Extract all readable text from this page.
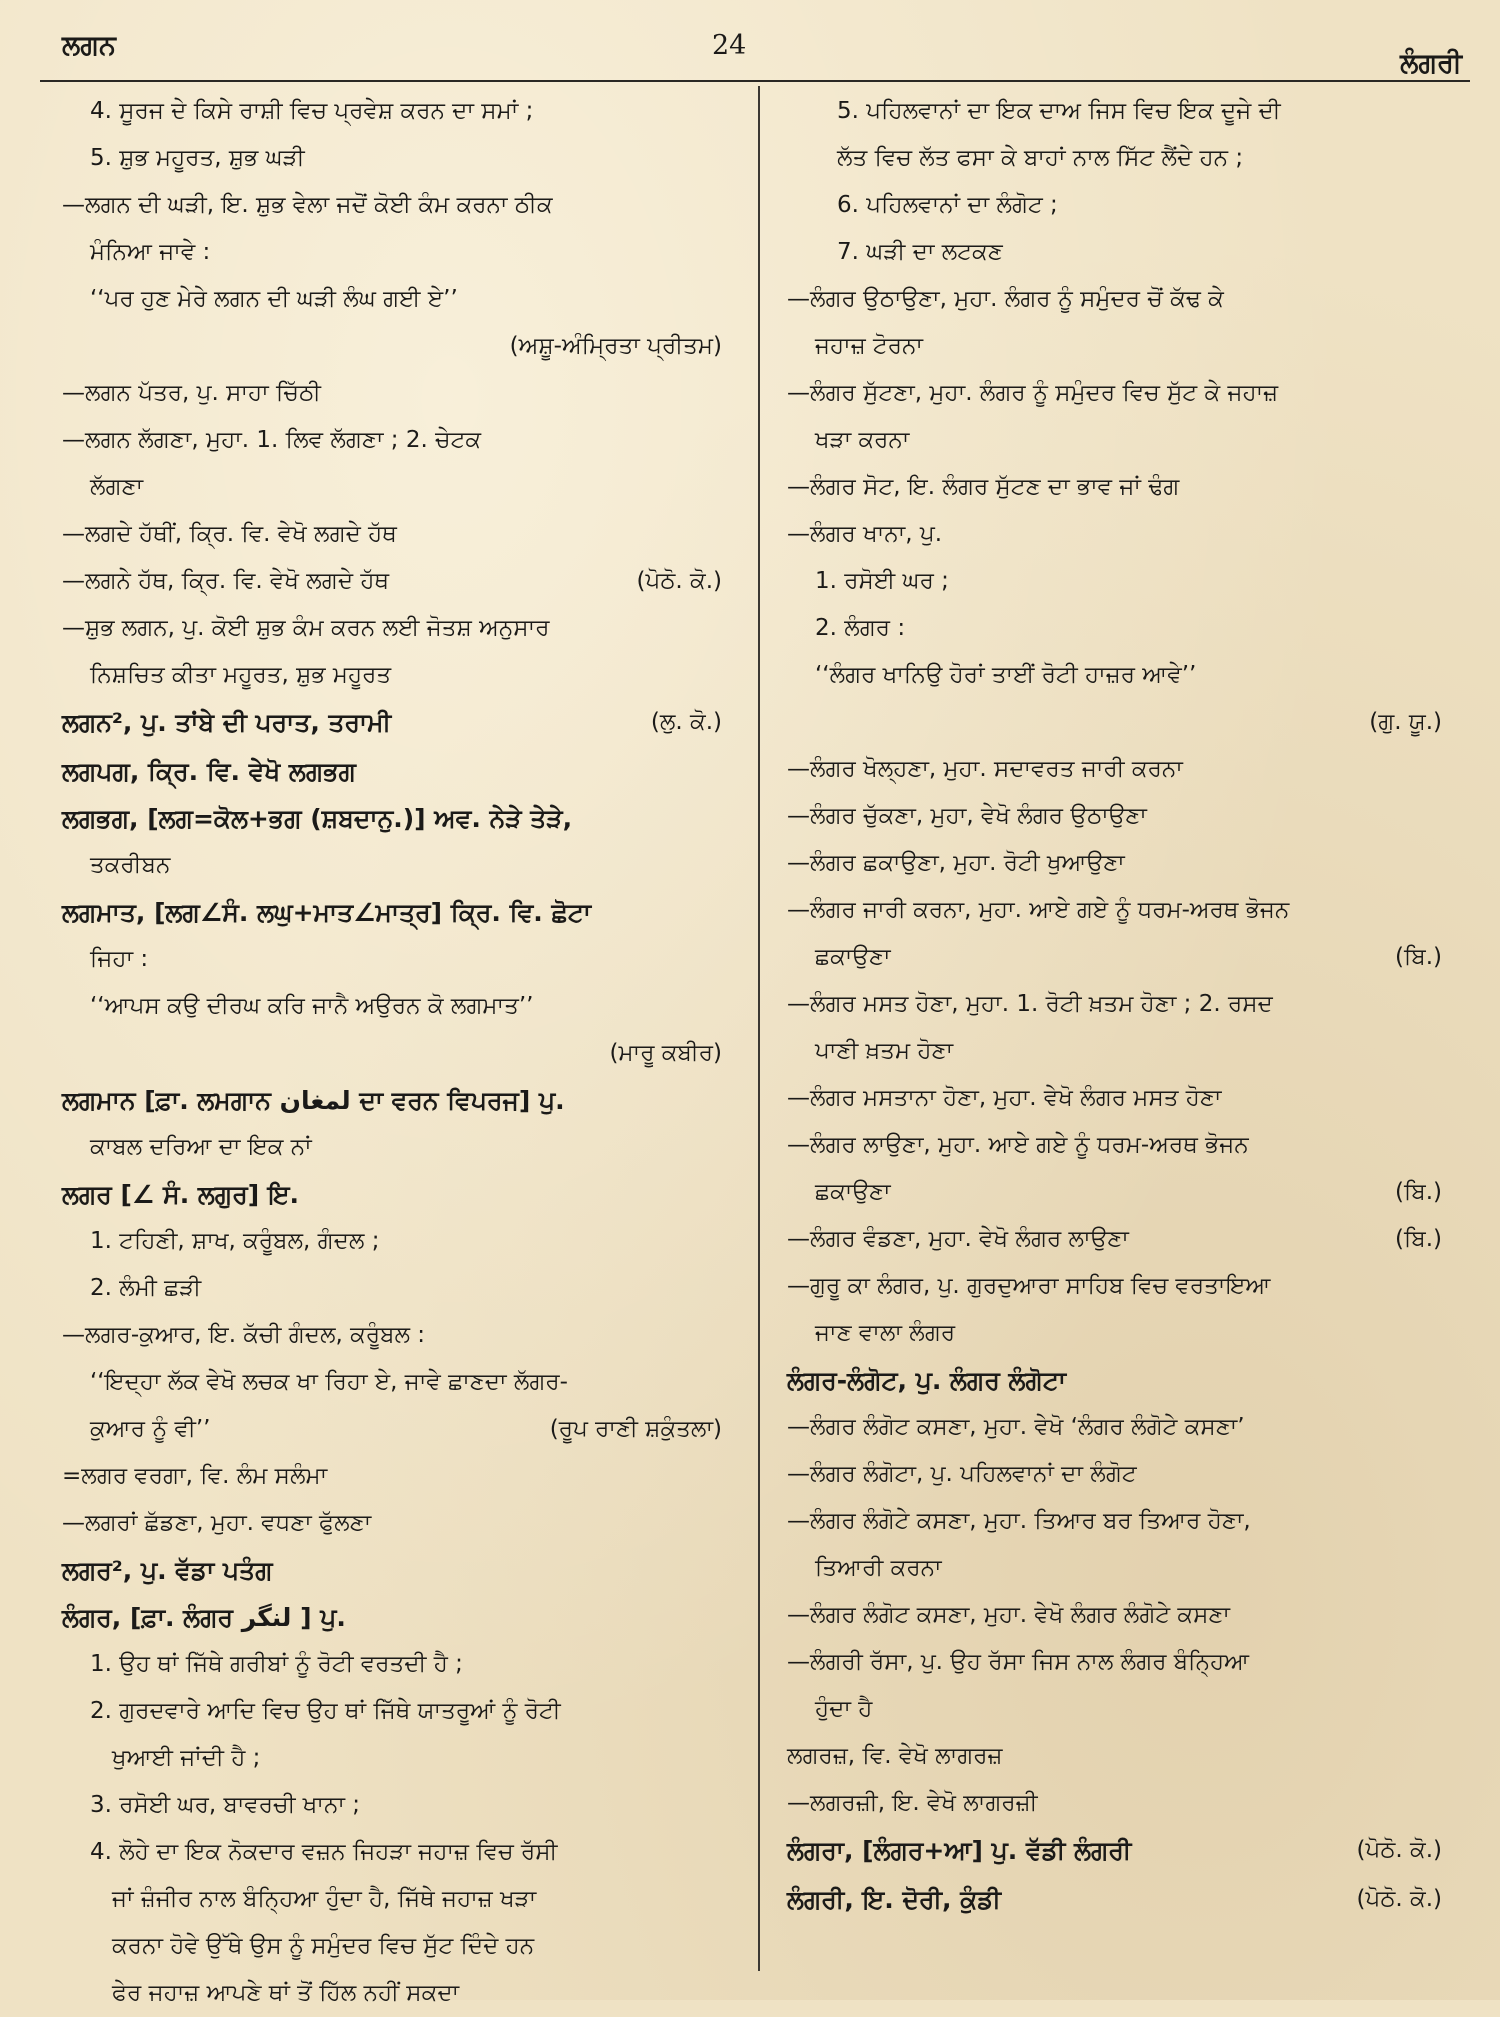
ਲਗਨ	24
ਲੰਗਰੀ
4. ਸੂਰਜ ਦੇ ਕਿਸੇ ਰਾਸ਼ੀ ਵਿਚ ਪ੍ਰਵੇਸ਼ ਕਰਨ ਦਾ ਸਮਾਂ ;
5. ਸ਼ੁਭ ਮਹੂਰਤ, ਸ਼ੁਭ ਘੜੀ
—ਲਗਨ ਦੀ ਘੜੀ, ਇ. ਸ਼ੁਭ ਵੇਲਾ ਜਦੋਂ ਕੋਈ ਕੰਮ ਕਰਨਾ ਠੀਕ
ਮੰਨਿਆ ਜਾਵੇ :
‘‘ਪਰ ਹੁਣ ਮੇਰੇ ਲਗਨ ਦੀ ਘੜੀ ਲੰਘ ਗਈ ਏ’’
(ਅਸ਼ੂ-ਅੰਮ੍ਰਿਤਾ ਪ੍ਰੀਤਮ)

—ਲਗਨ ਪੱਤਰ, ਪੁ. ਸਾਹਾ ਚਿੱਠੀ
—ਲਗਨ ਲੱਗਣਾ, ਮੁਹਾ. 1. ਲਿਵ ਲੱਗਣਾ ; 2. ਚੇਟਕ
ਲੱਗਣਾ
—ਲਗਦੇ ਹੱਥੀਂ, ਕ੍ਰਿ. ਵਿ. ਵੇਖੋ ਲਗਦੇ ਹੱਥ
—ਲਗਨੇ ਹੱਥ, ਕ੍ਰਿ. ਵਿ. ਵੇਖੋ ਲਗਦੇ ਹੱਥ	(ਪੋਠੋ. ਕੋ.)
—ਸ਼ੁਭ ਲਗਨ, ਪੁ. ਕੋਈ ਸ਼ੁਭ ਕੰਮ ਕਰਨ ਲਈ ਜੋਤਸ਼ ਅਨੁਸਾਰ
ਨਿਸ਼ਚਿਤ ਕੀਤਾ ਮਹੂਰਤ, ਸ਼ੁਭ ਮਹੂਰਤ
ਲਗਨ², ਪੁ. ਤਾਂਬੇ ਦੀ ਪਰਾਤ, ਤਰਾਮੀ	(ਲੁ. ਕੋ.)
ਲਗਪਗ, ਕ੍ਰਿ. ਵਿ. ਵੇਖੋ ਲਗਭਗ
ਲਗਭਗ, [ਲਗ=ਕੋਲ+ਭਗ (ਸ਼ਬਦਾਨੁ.)] ਅਵ. ਨੇੜੇ ਤੇੜੇ,
ਤਕਰੀਬਨ
ਲਗਮਾਤ, [ਲਗ∠ਸੰ. ਲਘੁ+ਮਾਤ∠ਮਾਤ੍ਰ] ਕ੍ਰਿ. ਵਿ. ਛੋਟਾ
ਜਿਹਾ :
‘‘ਆਪਸ ਕਉ ਦੀਰਘ ਕਰਿ ਜਾਨੈ ਅਉਰਨ ਕੋ ਲਗਮਾਤ’’
(ਮਾਰੂ ਕਬੀਰ)

ਲਗਮਾਨ [ਫ਼ਾ. ਲਮਗਾਨ لمغان ਦਾ ਵਰਨ ਵਿਪਰਜ] ਪੁ.
ਕਾਬਲ ਦਰਿਆ ਦਾ ਇਕ ਨਾਂ
ਲਗਰ [∠ ਸੰ. ਲਗੁਰ] ਇ.
1. ਟਹਿਣੀ, ਸ਼ਾਖ, ਕਰੂੰਬਲ, ਗੰਦਲ ;
2. ਲੰਮੀ ਛੜੀ
—ਲਗਰ-ਕੁਆਰ, ਇ. ਕੱਚੀ ਗੰਦਲ, ਕਰੂੰਬਲ :
‘‘ਇਦ੍ਹਾ ਲੱਕ ਵੇਖੋ ਲਚਕ ਖਾ ਰਿਹਾ ਏ, ਜਾਵੇ ਛਾਣਦਾ ਲੱਗਰ-
ਕੁਆਰ ਨੂੰ ਵੀ’’	(ਰੂਪ ਰਾਣੀ ਸ਼ਕੁੰਤਲਾ)
=ਲਗਰ ਵਰਗਾ, ਵਿ. ਲੰਮ ਸਲੰਮਾ
—ਲਗਰਾਂ ਛੱਡਣਾ, ਮੁਹਾ. ਵਧਣਾ ਫੁੱਲਣਾ
ਲਗਰ², ਪੁ. ਵੱਡਾ ਪਤੰਗ
ਲੰਗਰ, [ਫ਼ਾ. ਲੰਗਰ لنگر ] ਪੁ.
1. ਉਹ ਥਾਂ ਜਿੱਥੇ ਗਰੀਬਾਂ ਨੂੰ ਰੋਟੀ ਵਰਤਦੀ ਹੈ ;
2. ਗੁਰਦਵਾਰੇ ਆਦਿ ਵਿਚ ਉਹ ਥਾਂ ਜਿੱਥੇ ਯਾਤਰੂਆਂ ਨੂੰ ਰੋਟੀ
ਖੁਆਈ ਜਾਂਦੀ ਹੈ ;
3. ਰਸੋਈ ਘਰ, ਬਾਵਰਚੀ ਖਾਨਾ ;
4. ਲੋਹੇ ਦਾ ਇਕ ਨੋਕਦਾਰ ਵਜ਼ਨ ਜਿਹੜਾ ਜਹਾਜ਼ ਵਿਚ ਰੱਸੀ
ਜਾਂ ਜ਼ੰਜੀਰ ਨਾਲ ਬੰਨ੍ਹਿਆ ਹੁੰਦਾ ਹੈ, ਜਿੱਥੇ ਜਹਾਜ਼ ਖੜਾ
ਕਰਨਾ ਹੋਵੇ ਉੱਥੇ ਉਸ ਨੂੰ ਸਮੁੰਦਰ ਵਿਚ ਸੁੱਟ ਦਿੰਦੇ ਹਨ
ਫੇਰ ਜਹਾਜ਼ ਆਪਣੇ ਥਾਂ ਤੋਂ ਹਿੱਲ ਨਹੀਂ ਸਕਦਾ
5. ਪਹਿਲਵਾਨਾਂ ਦਾ ਇਕ ਦਾਅ ਜਿਸ ਵਿਚ ਇਕ ਦੂਜੇ ਦੀ
ਲੱਤ ਵਿਚ ਲੱਤ ਫਸਾ ਕੇ ਬਾਹਾਂ ਨਾਲ ਸਿੱਟ ਲੈਂਦੇ ਹਨ ;
6. ਪਹਿਲਵਾਨਾਂ ਦਾ ਲੰਗੋਟ ;
7. ਘੜੀ ਦਾ ਲਟਕਣ
—ਲੰਗਰ ਉਠਾਉਣਾ, ਮੁਹਾ. ਲੰਗਰ ਨੂੰ ਸਮੁੰਦਰ ਚੋਂ ਕੱਢ ਕੇ
ਜਹਾਜ਼ ਟੋਰਨਾ
—ਲੰਗਰ ਸੁੱਟਣਾ, ਮੁਹਾ. ਲੰਗਰ ਨੂੰ ਸਮੁੰਦਰ ਵਿਚ ਸੁੱਟ ਕੇ ਜਹਾਜ਼
ਖੜਾ ਕਰਨਾ
—ਲੰਗਰ ਸੋਟ, ਇ. ਲੰਗਰ ਸੁੱਟਣ ਦਾ ਭਾਵ ਜਾਂ ਢੰਗ
—ਲੰਗਰ ਖਾਨਾ, ਪੁ.
1. ਰਸੋਈ ਘਰ ;
2. ਲੰਗਰ :
‘‘ਲੰਗਰ ਖਾਨਿਉ ਹੋਰਾਂ ਤਾਈਂ ਰੋਟੀ ਹਾਜ਼ਰ ਆਵੇ’’
(ਗੁ. ਯੂ.)

—ਲੰਗਰ ਖੋਲ੍ਹਣਾ, ਮੁਹਾ. ਸਦਾਵਰਤ ਜਾਰੀ ਕਰਨਾ
—ਲੰਗਰ ਚੁੱਕਣਾ, ਮੁਹਾ, ਵੇਖੋ ਲੰਗਰ ਉਠਾਉਣਾ
—ਲੰਗਰ ਛਕਾਉਣਾ, ਮੁਹਾ. ਰੋਟੀ ਖੁਆਉਣਾ
—ਲੰਗਰ ਜਾਰੀ ਕਰਨਾ, ਮੁਹਾ. ਆਏ ਗਏ ਨੂੰ ਧਰਮ-ਅਰਥ ਭੋਜਨ
ਛਕਾਉਣਾ	(ਬਿ.)
—ਲੰਗਰ ਮਸਤ ਹੋਣਾ, ਮੁਹਾ. 1. ਰੋਟੀ ਖ਼ਤਮ ਹੋਣਾ ; 2. ਰਸਦ
ਪਾਣੀ ਖ਼ਤਮ ਹੋਣਾ
—ਲੰਗਰ ਮਸਤਾਨਾ ਹੋਣਾ, ਮੁਹਾ. ਵੇਖੋ ਲੰਗਰ ਮਸਤ ਹੋਣਾ
—ਲੰਗਰ ਲਾਉਣਾ, ਮੁਹਾ. ਆਏ ਗਏ ਨੂੰ ਧਰਮ-ਅਰਥ ਭੋਜਨ
ਛਕਾਉਣਾ	(ਬਿ.)
—ਲੰਗਰ ਵੰਡਣਾ, ਮੁਹਾ. ਵੇਖੋ ਲੰਗਰ ਲਾਉਣਾ	(ਬਿ.)
—ਗੁਰੂ ਕਾ ਲੰਗਰ, ਪੁ. ਗੁਰਦੁਆਰਾ ਸਾਹਿਬ ਵਿਚ ਵਰਤਾਇਆ
ਜਾਣ ਵਾਲਾ ਲੰਗਰ
ਲੰਗਰ-ਲੰਗੋਟ, ਪੁ. ਲੰਗਰ ਲੰਗੋਟਾ
—ਲੰਗਰ ਲੰਗੋਟ ਕਸਣਾ, ਮੁਹਾ. ਵੇਖੋ ‘ਲੰਗਰ ਲੰਗੋਟੇ ਕਸਣਾ’
—ਲੰਗਰ ਲੰਗੋਟਾ, ਪੁ. ਪਹਿਲਵਾਨਾਂ ਦਾ ਲੰਗੋਟ
—ਲੰਗਰ ਲੰਗੋਟੇ ਕਸਣਾ, ਮੁਹਾ. ਤਿਆਰ ਬਰ ਤਿਆਰ ਹੋਣਾ,
ਤਿਆਰੀ ਕਰਨਾ
—ਲੰਗਰ ਲੰਗੋਟ ਕਸਣਾ, ਮੁਹਾ. ਵੇਖੋ ਲੰਗਰ ਲੰਗੋਟੇ ਕਸਣਾ
—ਲੰਗਰੀ ਰੱਸਾ, ਪੁ. ਉਹ ਰੱਸਾ ਜਿਸ ਨਾਲ ਲੰਗਰ ਬੰਨ੍ਹਿਆ
ਹੁੰਦਾ ਹੈ
ਲਗਰਜ਼, ਵਿ. ਵੇਖੋ ਲਾਗਰਜ਼
—ਲਗਰਜ਼ੀ, ਇ. ਵੇਖੋ ਲਾਗਰਜ਼ੀ
ਲੰਗਰਾ, [ਲੰਗਰ+ਆ] ਪੁ. ਵੱਡੀ ਲੰਗਰੀ	(ਪੋਠੋ. ਕੋ.)
ਲੰਗਰੀ, ਇ. ਦੋਰੀ, ਕੁੰਡੀ	(ਪੋਠੋ. ਕੋ.)
